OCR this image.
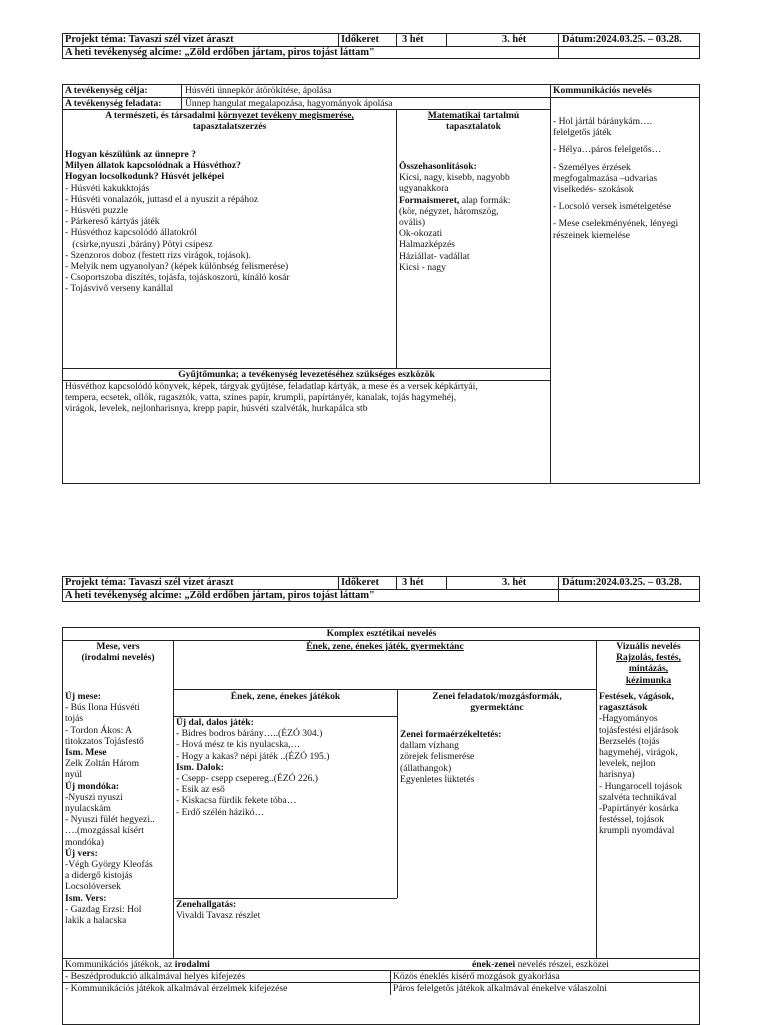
Projekt téma: Tavaszi szél vizet áraszt	Időkeret 3 hét	3. hét	Dátum:2024.03.25. – 03.28.
A heti tevékenység alcíme: „Zöld erdőben jártam, piros tojást láttam"
A tevékenység célja:	Húsvéti ünnepkör átörökítése, ápolása
A tevékenység feladata: Ünnep hangulat megalapozása, hagyományok ápolása
Kommunikációs nevelés
A természeti, és társadalmi környezet tevékeny megismerése,
tapasztalatszerzés
Matematikai tartalmú
tapasztalatok
Hogyan készülünk az ünnepre ?
Milyen állatok kapcsolódnak a Húsvéthoz?
Hogyan locsolkodunk? Húsvét jelképei
- Húsvéti kakukktojás
- Húsvéti vonalazók, juttasd el a nyuszit a répához
- Húsvéti puzzle
- Párkereső kártyás játék
- Húsvéthoz kapcsolódó állatokról
(csirke,nyuszi ,bárány) Pötyi csipesz
- Szenzoros doboz (festett rizs virágok, tojások).
- Melyik nem ugyanolyan? (képek különbség felismerése)
- Csoportszoba díszítés, tojásfa, tojáskoszorú, kínáló kosár
- Tojásvivő verseny kanállal
Összehasonlítások:
Kicsi, nagy, kisebb, nagyobb
ugyanakkora
Formaismeret, alap formák:
(kör, négyzet, háromszög,
ovális)
Ok-okozati
Halmazképzés
Háziállat- vadállat
Kicsi - nagy
- Hol jártál báránykám….
felelgetős játék
- Hélya…páros felelgetős…
- Személyes érzések
megfogalmazása –udvarias
viselkedés- szokások
- Locsoló versek ismételgetése
- Mese cselekményének, lényegi
részeinek kiemelése
Gyűjtőmunka; a tevékenység levezetéséhez szükséges eszközök
Húsvéthoz kapcsolódó könyvek, képek, tárgyak gyűjtése, feladatlap kártyák, a mese és a versek képkártyái,
tempera, ecsetek, ollók, ragasztók, vatta, színes papír, krumpli, papírtányér, kanalak, tojás hagymehéj,
virágok, levelek, nejlonharisnya, krepp papír, húsvéti szalvéták, hurkapálca stb
Projekt téma: Tavaszi szél vizet áraszt	Időkeret 3 hét	3. hét	Dátum:2024.03.25. – 03.28.
A heti tevékenység alcíme: „Zöld erdőben jártam, piros tojást láttam"
Komplex esztétikai nevelés
Mese, vers
(irodalmi nevelés)
Ének, zene, énekes játék, gyermektánc	Vizuális nevelés
Rajzolás, festés,
mintázás,
kézimunka
Új mese:
- Bús Ilona Húsvéti
tojás
- Tordon Ákos: A
titokzatos Tojásfestő
Ism. Mese
Zelk Zoltán Három
nyúl
Új mondóka:
-Nyuszi nyuszi
nyulacskám
- Nyuszi fülét hegyezi..
….(mozgással kísért
mondóka)
Új vers:
-Végh György Kleofás
a didergő kistojás
Locsolóversek
Ism. Vers:
- Gazdag Erzsi: Hol
lakik a halacska
Ének, zene, énekes játékok
Új dal, dalos játék:
- Bidres bodros bárány…..(ÉZÓ 304.)
- Hová mész te kis nyulacska,…
- Hogy a kakas? népi játék ..(ÉZÓ 195.)
Ism. Dalok:
- Csepp- csepp csepereg..(ÉZÓ 226.)
- Esik az eső
- Kiskacsa fürdik fekete tóba…
- Erdő szélén házikó…
Zenei feladatok/mozgásformák,
gyermektánc
Zenei formaérzékeltetés:
dallam vízhang
zörejek felismerése
(állathangok)
Egyenletes lüktetés
Zenehallgatás:
Vivaldi Tavasz részlet
Festések, vágások,
ragasztások
-Hagyományos
tojásfestési eljárások
Berzselés (tojás
hagymehéj, virágok,
levelek, nejlon
harisnya)
- Hungarocell tojások
szalvéta technikával
-Papírtányér kosárka
festéssel, tojások
krumpli nyomdával
Kommunikációs játékok, az irodalmi	ének-zenei nevelés részei, eszközei
- Beszédprodukció alkalmával helyes kifejezés	Közös éneklés kísérő mozgások gyakorlása
- Kommunikációs játékok alkalmával érzelmek kifejezése	Páros felelgetős játékok alkalmával énekelve válaszolni
